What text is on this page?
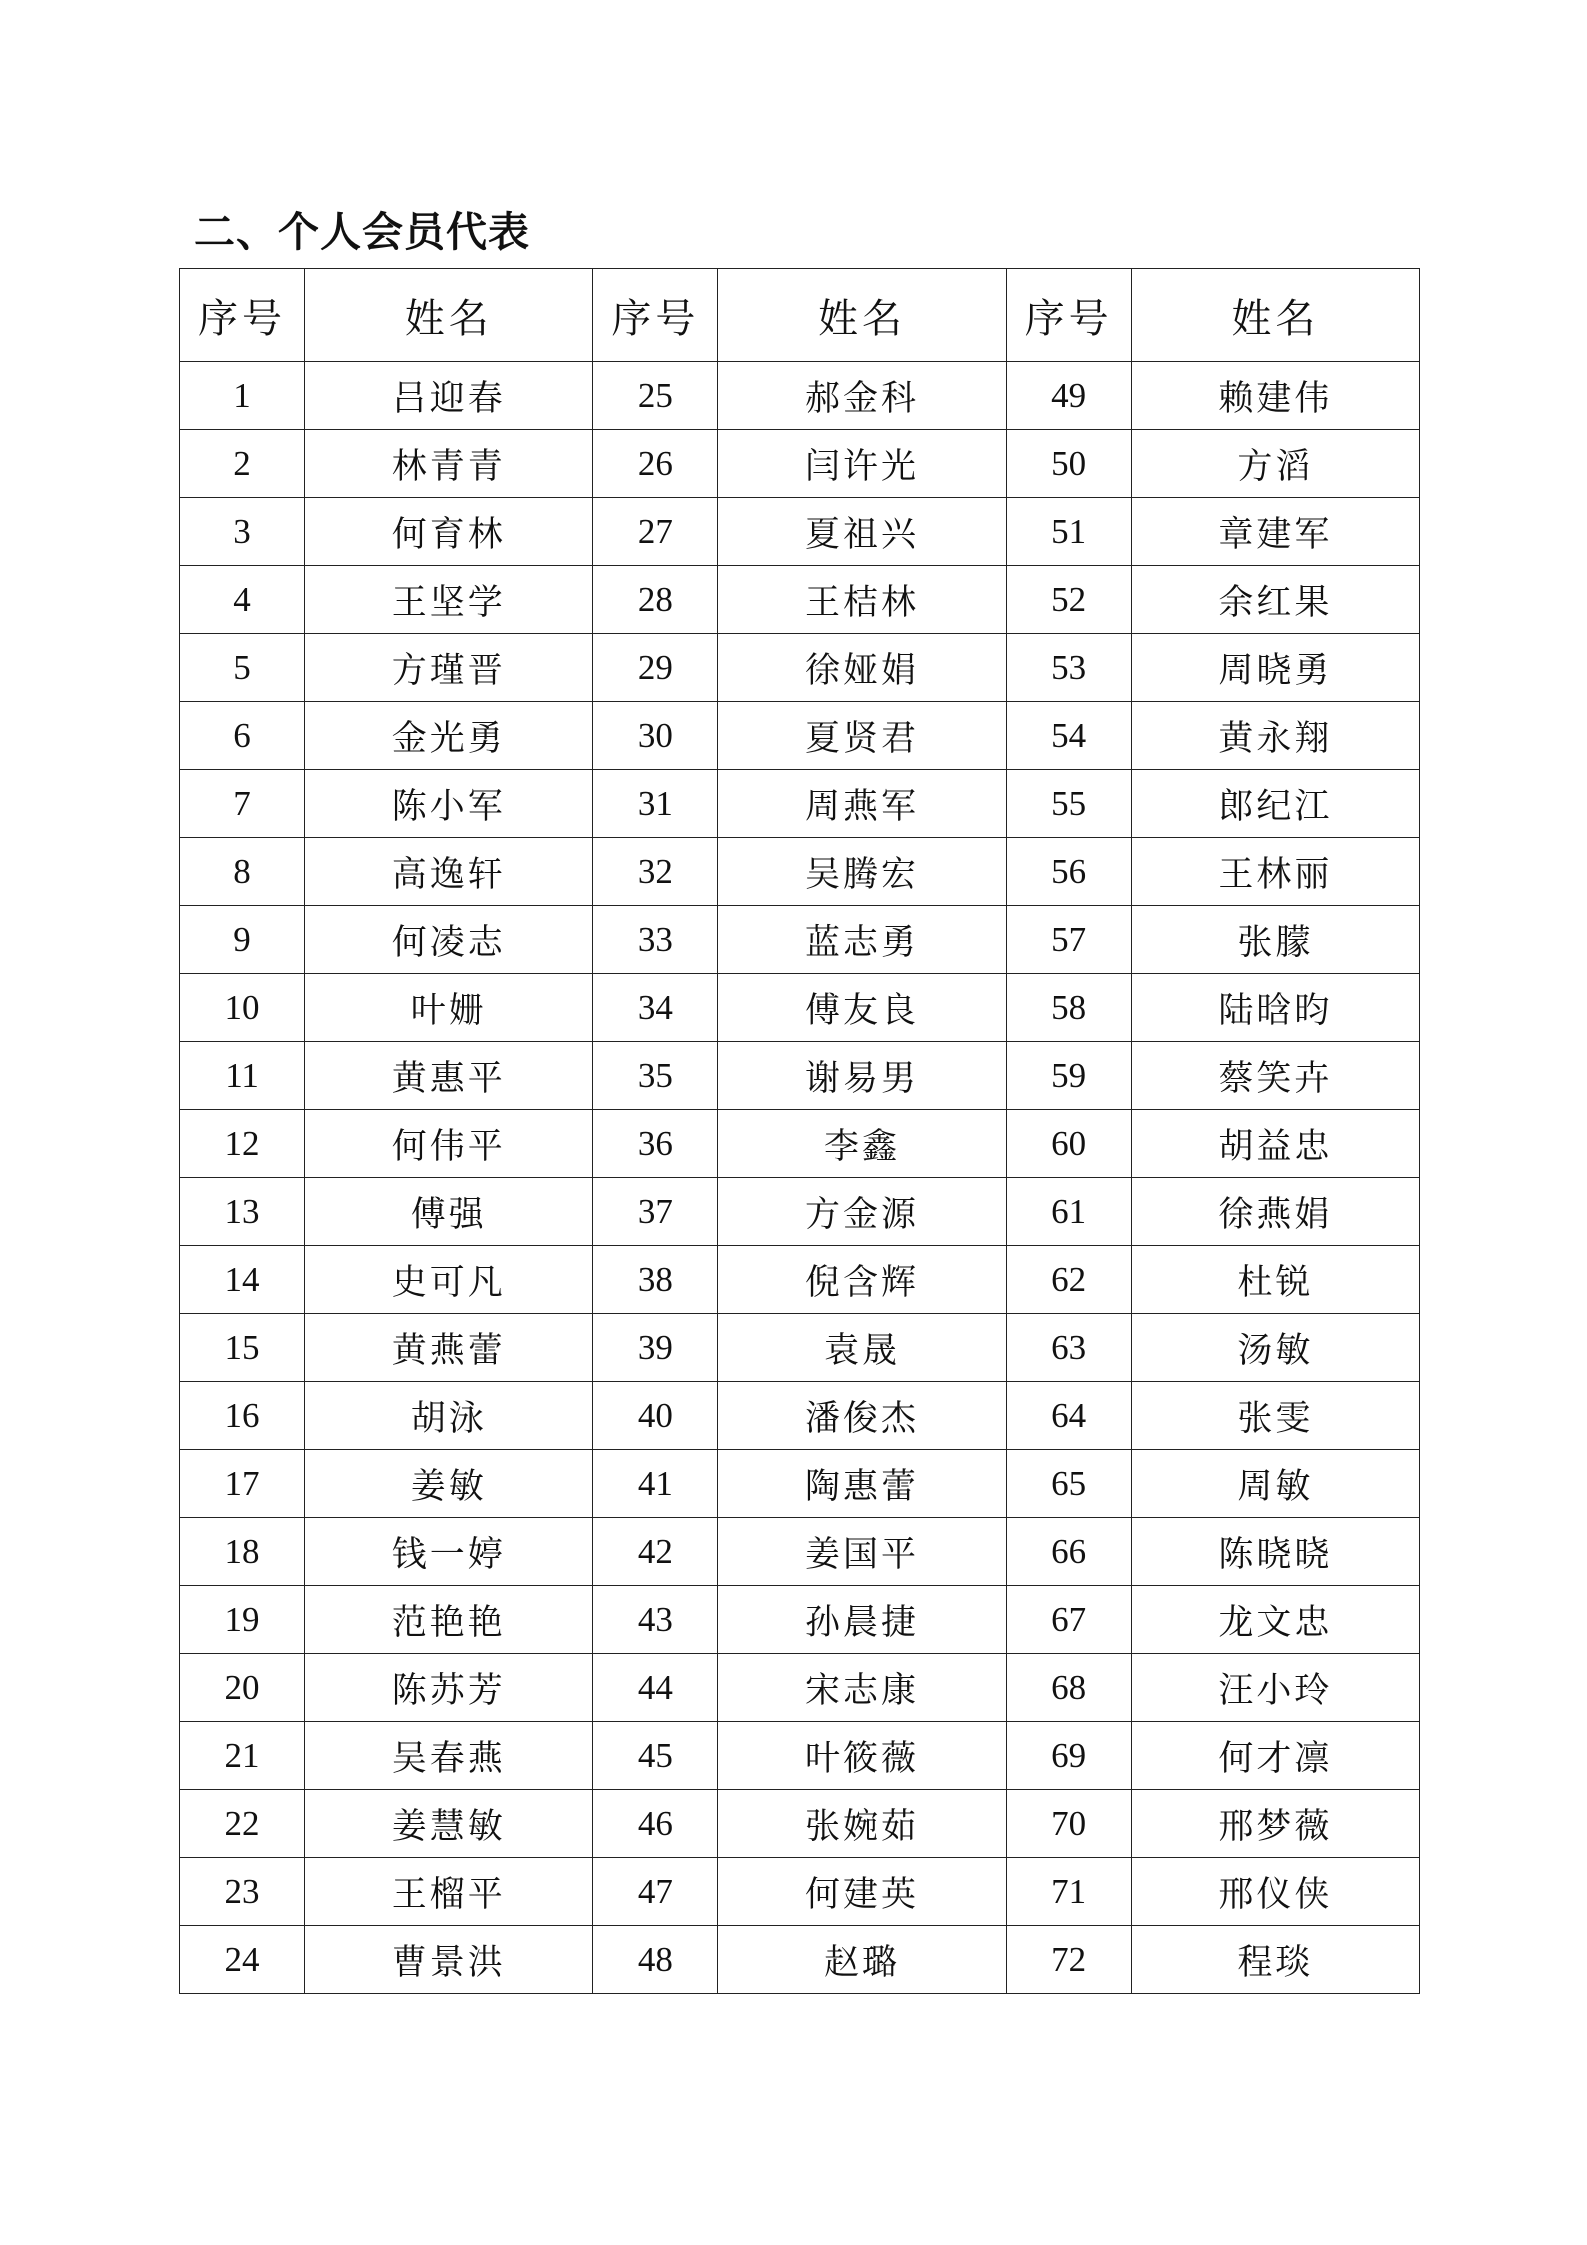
二、个人会员代表
序号	姓名	序号	姓名	序号	姓名
1	吕迎春	25	郝金科	49	赖建伟
2	林青青	26	闫许光	50	方滔
3	何育林	27	夏祖兴	51	章建军
4	王坚学	28	王桔林	52	余红果
5	方瑾晋	29	徐娅娟	53	周晓勇
6	金光勇	30	夏贤君	54	黄永翔
7	陈小军	31	周燕军	55	郎纪江
8	高逸轩	32	吴腾宏	56	王林丽
9	何凌志	33	蓝志勇	57	张朦
10	叶姗	34	傅友良	58	陆晗昀
11	黄惠平	35	谢易男	59	蔡笑卉
12	何伟平	36	李鑫	60	胡益忠
13	傅强	37	方金源	61	徐燕娟
14	史可凡	38	倪含辉	62	杜锐
15	黄燕蕾	39	袁晟	63	汤敏
16	胡泳	40	潘俊杰	64	张雯
17	姜敏	41	陶惠蕾	65	周敏
18	钱一婷	42	姜国平	66	陈晓晓
19	范艳艳	43	孙晨捷	67	龙文忠
20	陈苏芳	44	宋志康	68	汪小玲
21	吴春燕	45	叶筱薇	69	何才凛
22	姜慧敏	46	张婉茹	70	邢梦薇
23	王榴平	47	何建英	71	邢仪侠
24	曹景洪	48	赵璐	72	程琰
